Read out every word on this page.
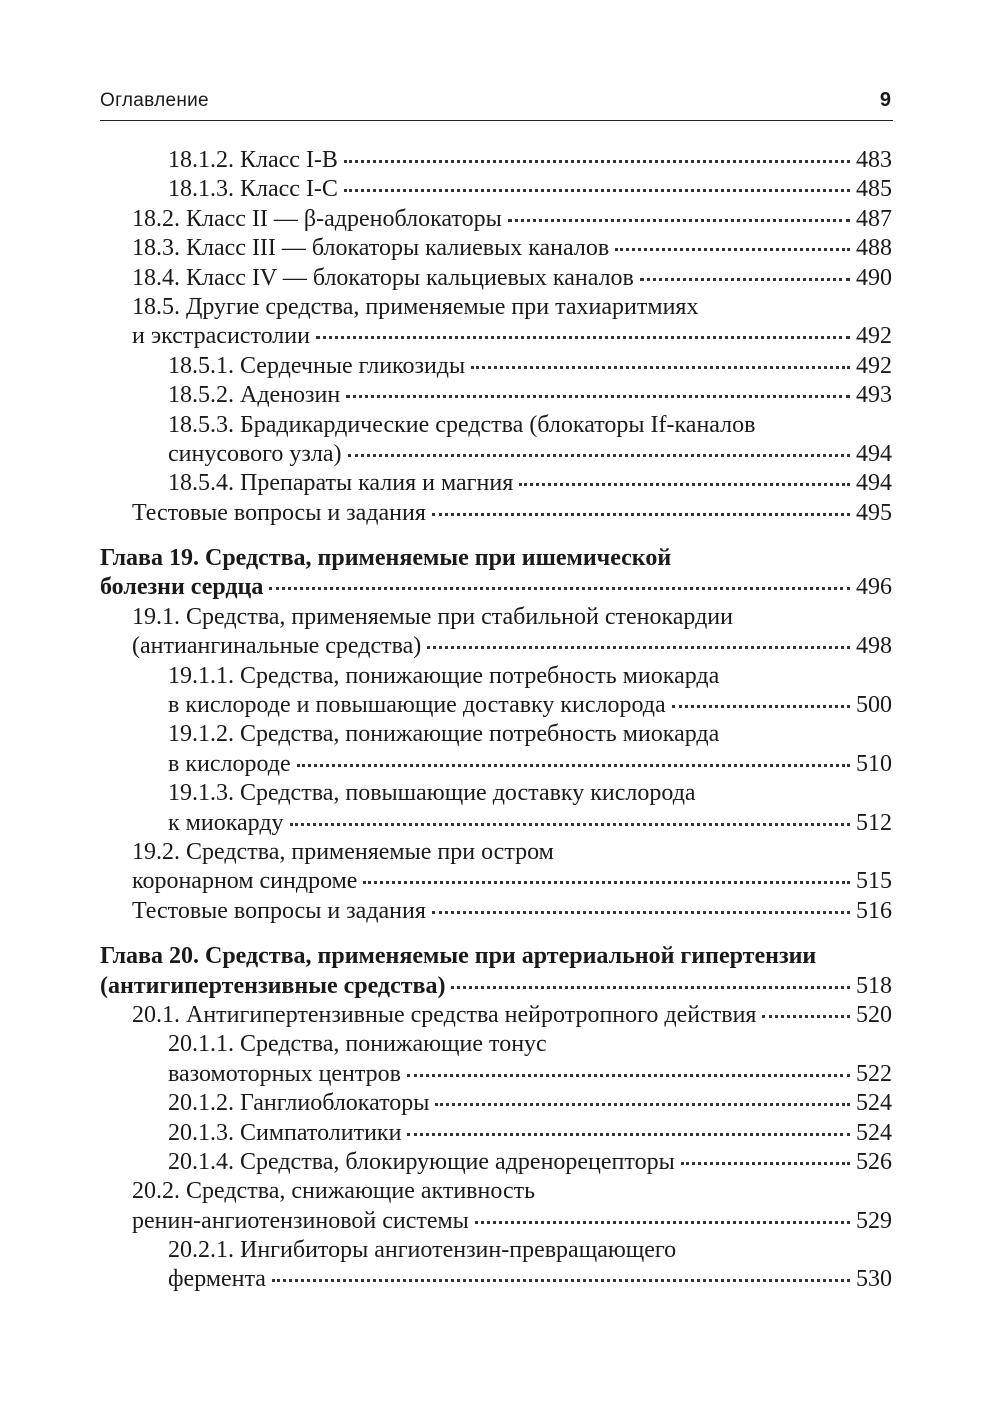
Оглавление	9
18.1.2. Класс I-B	483
18.1.3. Класс I-C	485
18.2. Класс II — β-адреноблокаторы	487
18.3. Класс III — блокаторы калиевых каналов	488
18.4. Класс IV — блокаторы кальциевых каналов	490
18.5. Другие средства, применяемые при тахиаритмиях
и экстрасистолии	492
18.5.1. Сердечные гликозиды	492
18.5.2. Аденозин	493
18.5.3. Брадикардические средства (блокаторы If-каналов
синусового узла)	494
18.5.4. Препараты калия и магния	494
Тестовые вопросы и задания	495
Глава 19. Средства, применяемые при ишемической
болезни сердца	496
19.1. Средства, применяемые при стабильной стенокардии
(антиангинальные средства)	498
19.1.1. Средства, понижающие потребность миокарда
в кислороде и повышающие доставку кислорода	500
19.1.2. Средства, понижающие потребность миокарда
в кислороде	510
19.1.3. Средства, повышающие доставку кислорода
к миокарду	512
19.2. Средства, применяемые при остром
коронарном синдроме	515
Тестовые вопросы и задания	516
Глава 20. Средства, применяемые при артериальной гипертензии
(антигипертензивные средства)	518
20.1. Антигипертензивные средства нейротропного действия	520
20.1.1. Средства, понижающие тонус
вазомоторных центров	522
20.1.2. Ганглиоблокаторы	524
20.1.3. Симпатолитики	524
20.1.4. Средства, блокирующие адренорецепторы	526
20.2. Средства, снижающие активность
ренин-ангиотензиновой системы	529
20.2.1. Ингибиторы ангиотензин-превращающего
фермента	530
